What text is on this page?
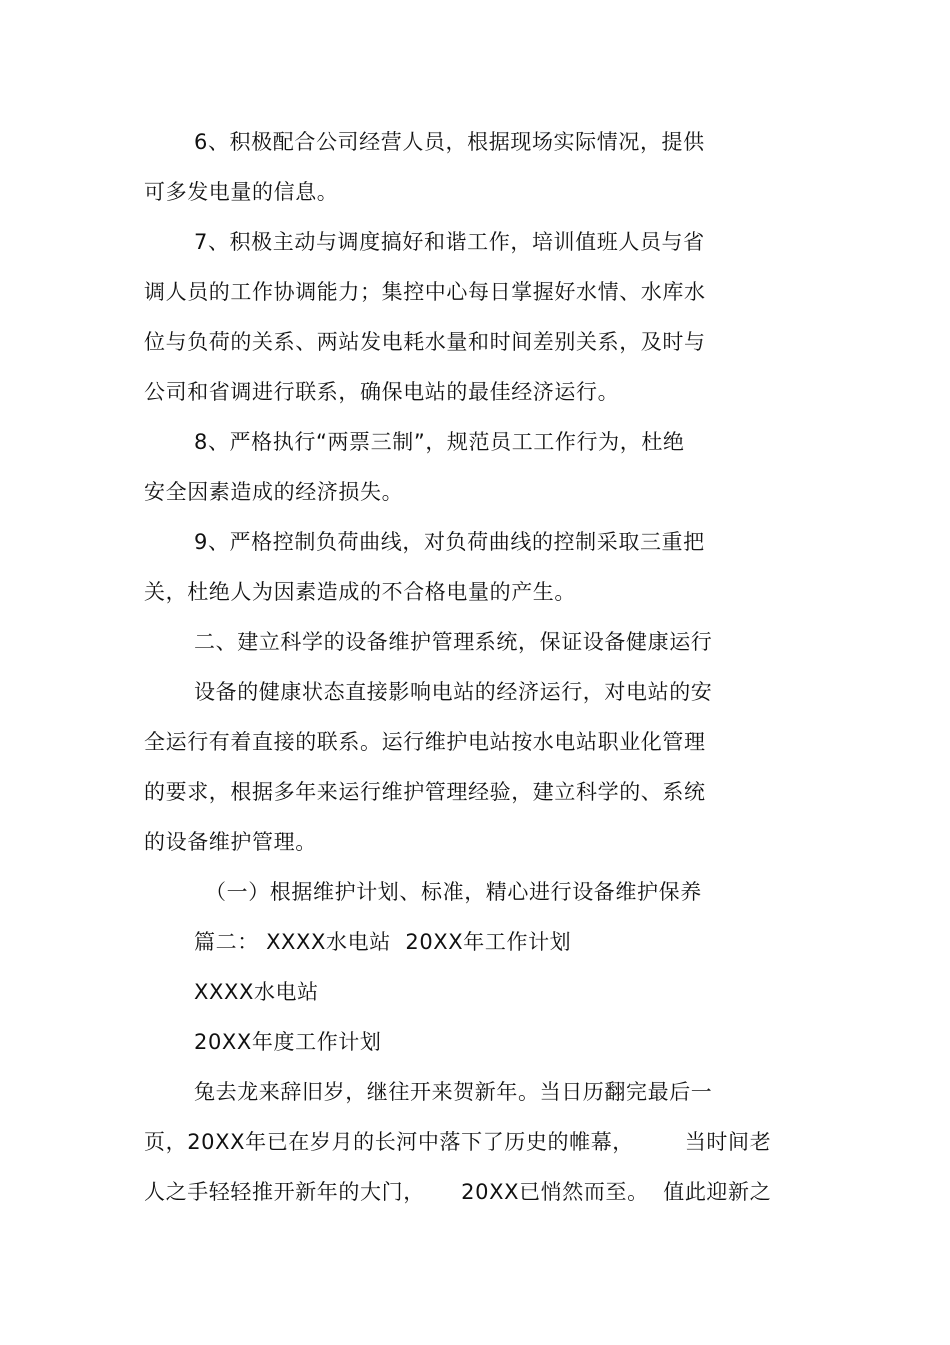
6、积极配合公司经营人员，根据现场实际情况，提供
可多发电量的信息。
7、积极主动与调度搞好和谐工作，培训值班人员与省
调人员的工作协调能力；集控中心每日掌握好水情、水库水
位与负荷的关系、两站发电耗水量和时间差别关系，及时与
公司和省调进行联系，确保电站的最佳经济运行。
8、严格执行“两票三制”，规范员工工作行为，杜绝
安全因素造成的经济损失。
9、严格控制负荷曲线，对负荷曲线的控制采取三重把
关，杜绝人为因素造成的不合格电量的产生。
二、建立科学的设备维护管理系统，保证设备健康运行
设备的健康状态直接影响电站的经济运行，对电站的安
全运行有着直接的联系。运行维护电站按水电站职业化管理
的要求，根据多年来运行维护管理经验，建立科学的、系统
的设备维护管理。
（一）根据维护计划、标准，精心进行设备维护保养
篇二： XXXX水电站  20XX年工作计划
XXXX水电站
20XX年度工作计划
兔去龙来辞旧岁，继往开来贺新年。当日历翻完最后一
页，20XX年已在岁月的长河中落下了历史的帷幕，       当时间老
人之手轻轻推开新年的大门，     20XX已悄然而至。  值此迎新之
